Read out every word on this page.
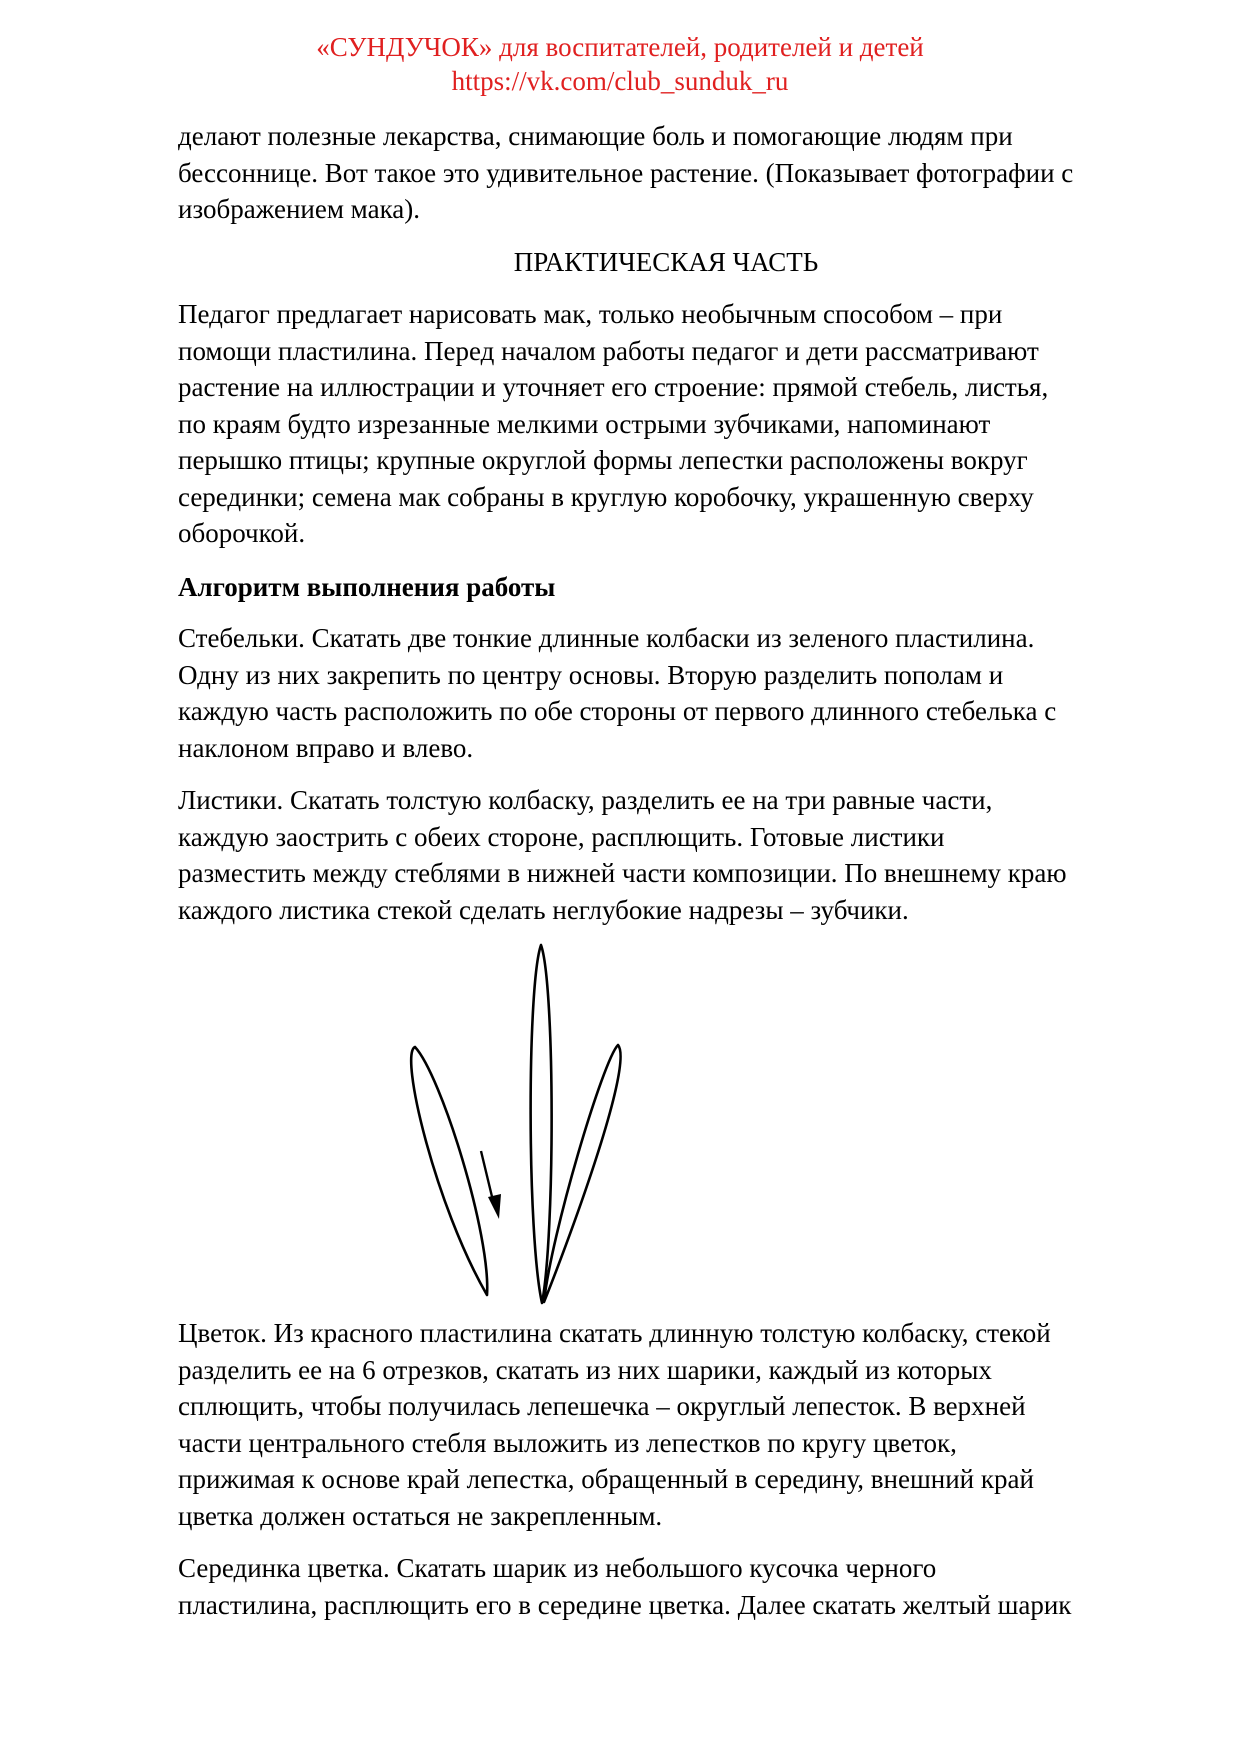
«СУНДУЧОК» для воспитателей, родителей и детей
https://vk.com/club_sunduk_ru
делают полезные лекарства, снимающие боль и помогающие людям при
бессоннице. Вот такое это удивительное растение. (Показывает фотографии с
изображением мака).
ПРАКТИЧЕСКАЯ ЧАСТЬ
Педагог предлагает нарисовать мак, только необычным способом – при
помощи пластилина. Перед началом работы педагог и дети рассматривают
растение на иллюстрации и уточняет его строение: прямой стебель, листья,
по краям будто изрезанные мелкими острыми зубчиками, напоминают
перышко птицы; крупные округлой формы лепестки расположены вокруг
серединки; семена мак собраны в круглую коробочку, украшенную сверху
оборочкой.
Алгоритм выполнения работы
Стебельки. Скатать две тонкие длинные колбаски из зеленого пластилина.
Одну из них закрепить по центру основы. Вторую разделить пополам и
каждую часть расположить по обе стороны от первого длинного стебелька с
наклоном вправо и влево.
Листики. Скатать толстую колбаску, разделить ее на три равные части,
каждую заострить с обеих стороне, расплющить. Готовые листики
разместить между стеблями в нижней части композиции. По внешнему краю
каждого листика стекой сделать неглубокие надрезы – зубчики.
Цветок. Из красного пластилина скатать длинную толстую колбаску, стекой
разделить ее на 6 отрезков, скатать из них шарики, каждый из которых
сплющить, чтобы получилась лепешечка – округлый лепесток. В верхней
части центрального стебля выложить из лепестков по кругу цветок,
прижимая к основе край лепестка, обращенный в середину, внешний край
цветка должен остаться не закрепленным.
Серединка цветка. Скатать шарик из небольшого кусочка черного
пластилина, расплющить его в середине цветка. Далее скатать желтый шарик
